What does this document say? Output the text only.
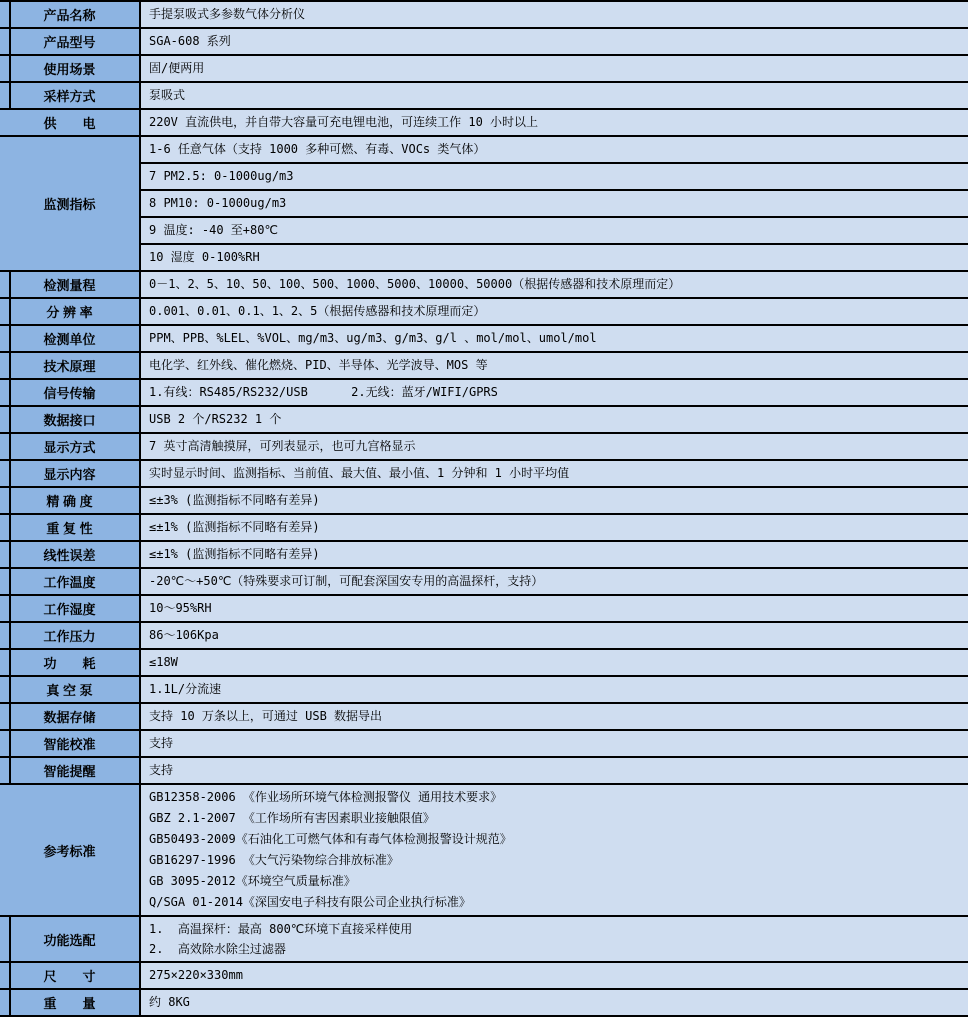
产品名称	手提泵吸式多参数气体分析仪
产品型号	SGA-608 系列
使用场景	固/便两用
采样方式	泵吸式
供　　电	220V 直流供电，并自带大容量可充电锂电池，可连续工作 10 小时以上
监测指标	1-6 任意气体（支持 1000 多种可燃、有毒、VOCs 类气体）
	7 PM2.5: 0-1000ug/m3
	8 PM10: 0-1000ug/m3
	9 温度: -40 至+80℃
	10 湿度 0-100%RH
检测量程	0－1、2、5、10、50、100、500、1000、5000、10000、50000（根据传感器和技术原理而定）
分 辨 率	0.001、0.01、0.1、1、2、5（根据传感器和技术原理而定）
检测单位	PPM、PPB、%LEL、%VOL、mg/m3、ug/m3、g/m3、g/l 、mol/mol、umol/mol
技术原理	电化学、红外线、催化燃烧、PID、半导体、光学波导、MOS 等
信号传输	1.有线：RS485/RS232/USB      2.无线：蓝牙/WIFI/GPRS
数据接口	USB 2 个/RS232 1 个
显示方式	7 英寸高清触摸屏，可列表显示，也可九宫格显示
显示内容	实时显示时间、监测指标、当前值、最大值、最小值、1 分钟和 1 小时平均值
精 确 度	≤±3% (监测指标不同略有差异)
重 复 性	≤±1% (监测指标不同略有差异)
线性误差	≤±1% (监测指标不同略有差异)
工作温度	-20℃～+50℃（特殊要求可订制，可配套深国安专用的高温探杆，支持）
工作湿度	10～95%RH
工作压力	86～106Kpa
功　　耗	≤18W
真 空 泵	1.1L/分流速
数据存储	支持 10 万条以上，可通过 USB 数据导出
智能校准	支持
智能提醒	支持
参考标准	
GB12358-2006 《作业场所环境气体检测报警仪 通用技术要求》
GBZ 2.1-2007 《工作场所有害因素职业接触限值》
GB50493-2009《石油化工可燃气体和有毒气体检测报警设计规范》
GB16297-1996 《大气污染物综合排放标准》
GB 3095-2012《环境空气质量标准》
Q/SGA 01-2014《深国安电子科技有限公司企业执行标准》

功能选配	1.  高温探杆：最高 800℃环境下直接采样使用
2.  高效除水除尘过滤器

尺　　寸	275×220×330mm
重　　量	约 8KG
